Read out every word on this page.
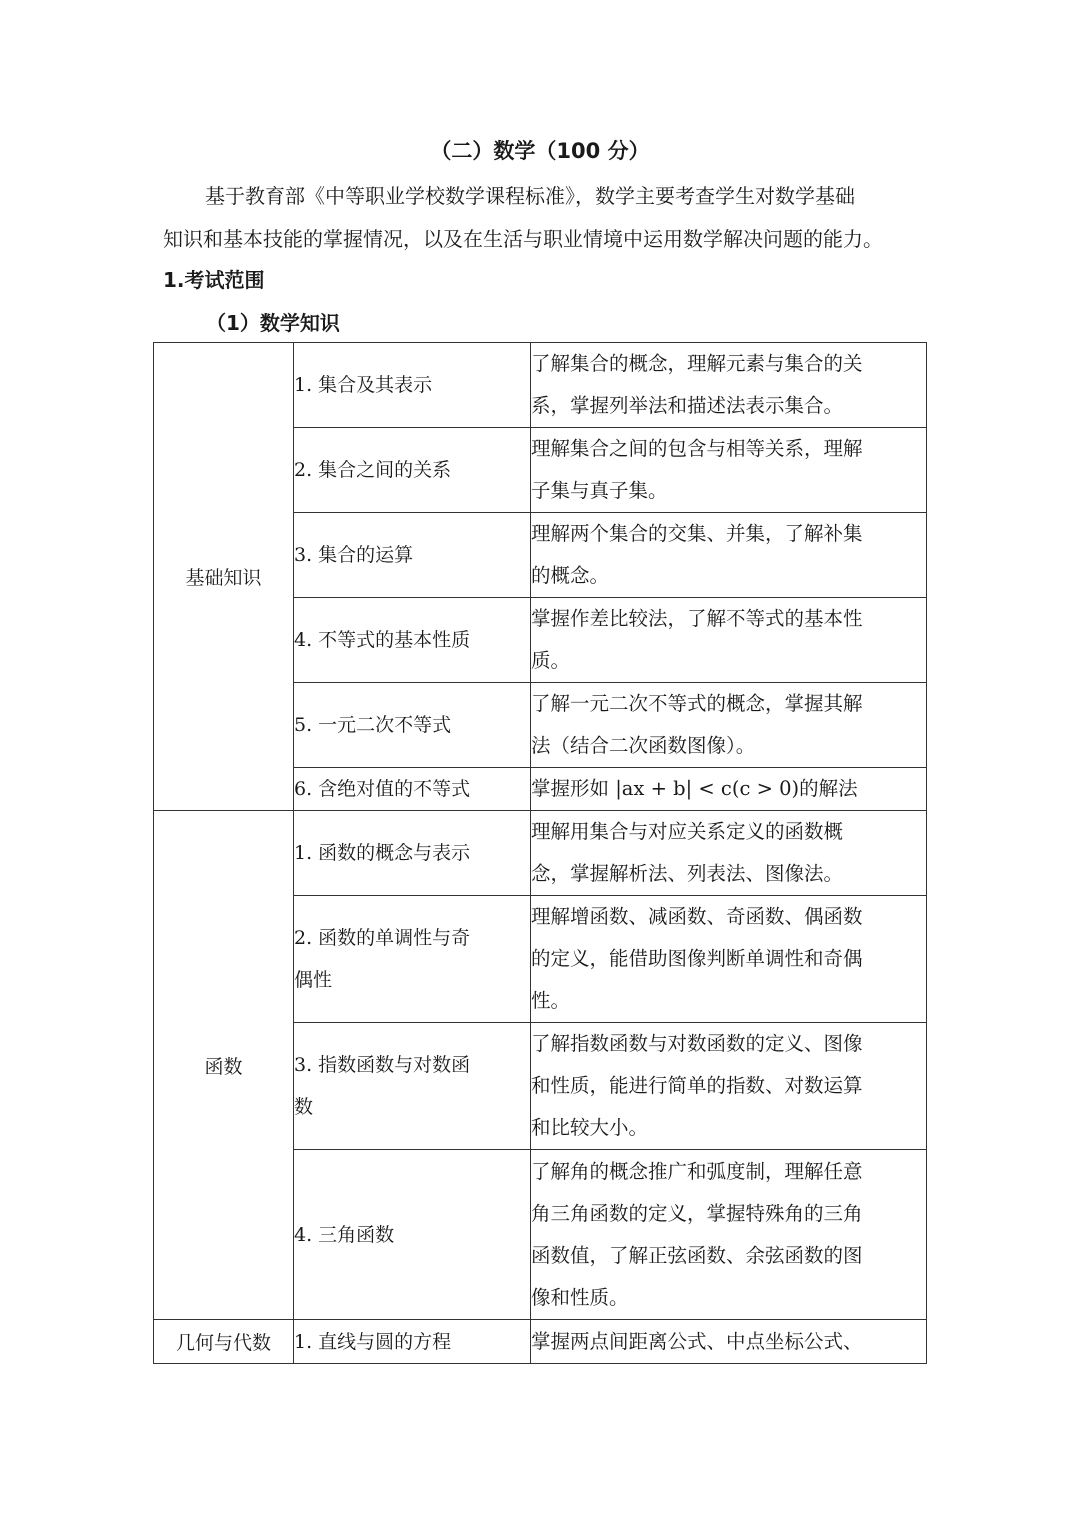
（二）数学（100 分）

基于教育部《中等职业学校数学课程标准》，数学主要考查学生对数学基础
知识和基本技能的掌握情况，以及在生活与职业情境中运用数学解决问题的能力。

1.考试范围
（1）数学知识
基础知识	1. 集合及其表示	了解集合的概念，理解元素与集合的关
系，掌握列举法和描述法表示集合。

	2. 集合之间的关系	理解集合之间的包含与相等关系，理解
子集与真子集。

	3. 集合的运算	理解两个集合的交集、并集，了解补集
的概念。

	4. 不等式的基本性质	掌握作差比较法，了解不等式的基本性
质。

	5. 一元二次不等式	了解一元二次不等式的概念，掌握其解
法（结合二次函数图像）。

	6. 含绝对值的不等式	掌握形如 |ax + b| < c(c > 0)的解法

函数	1. 函数的概念与表示	理解用集合与对应关系定义的函数概
念，掌握解析法、列表法、图像法。

	2. 函数的单调性与奇
偶性	理解增函数、减函数、奇函数、偶函数
的定义，能借助图像判断单调性和奇偶
性。

	3. 指数函数与对数函
数	了解指数函数与对数函数的定义、图像
和性质，能进行简单的指数、对数运算
和比较大小。

	4. 三角函数	了解角的概念推广和弧度制，理解任意
角三角函数的定义，掌握特殊角的三角
函数值，了解正弦函数、余弦函数的图
像和性质。

几何与代数	1. 直线与圆的方程	掌握两点间距离公式、中点坐标公式、
